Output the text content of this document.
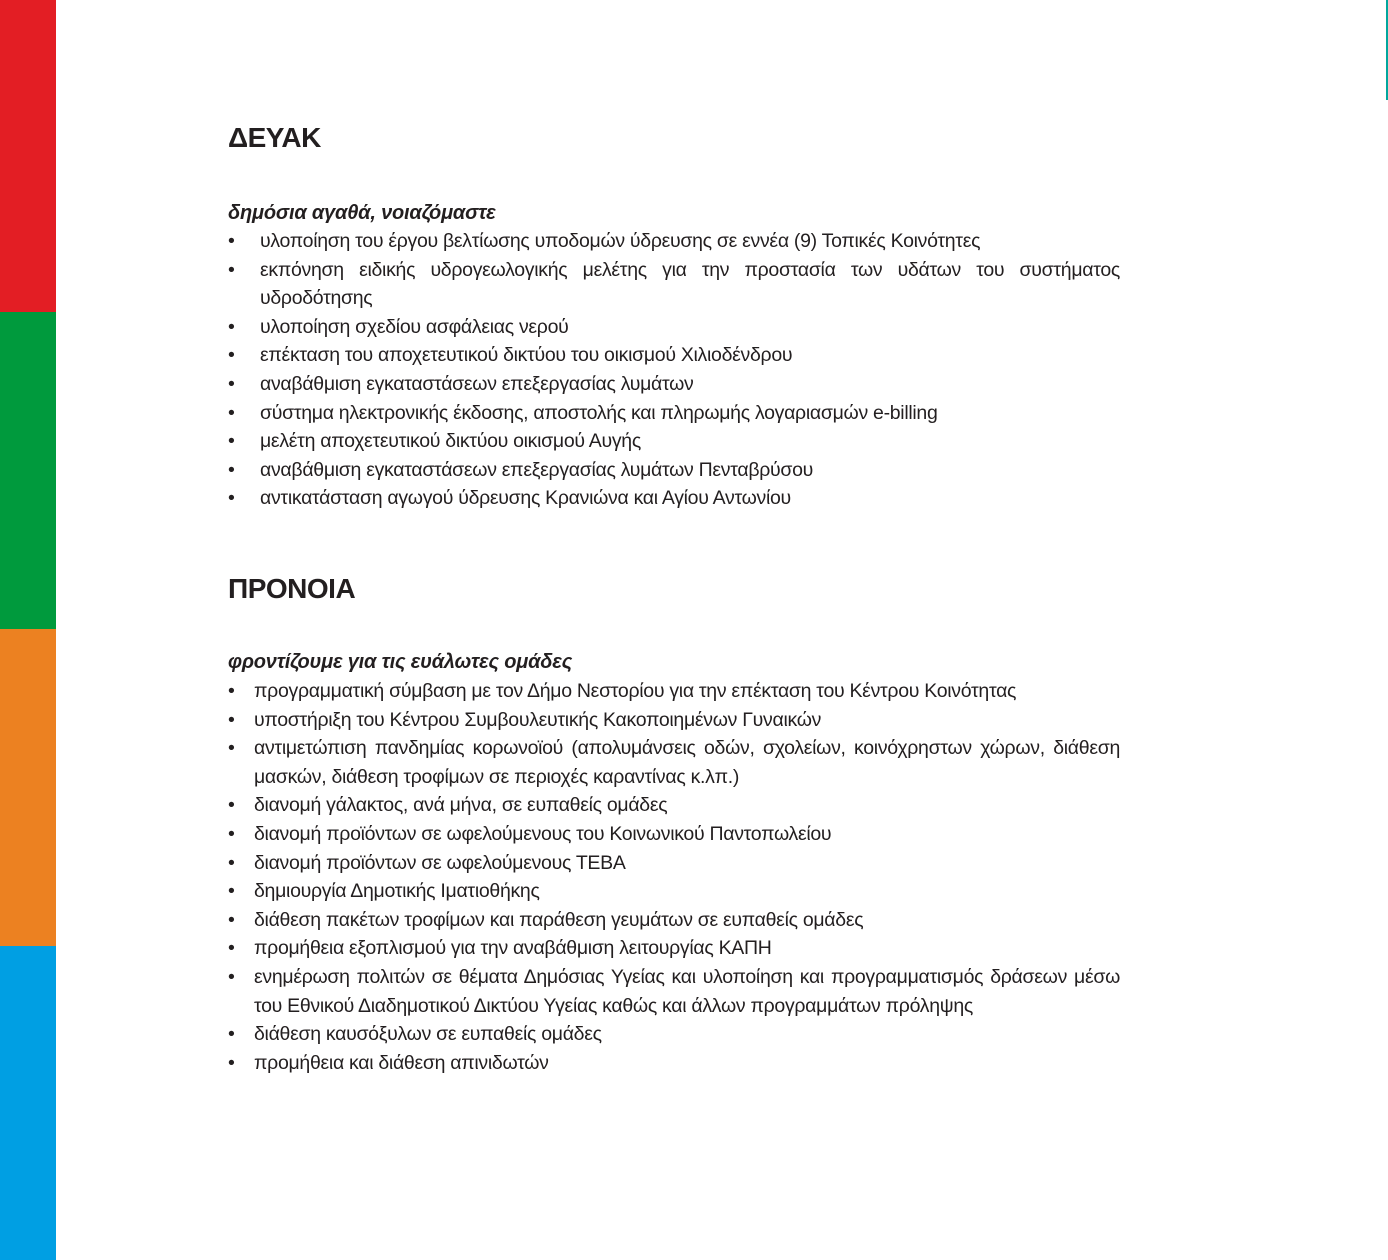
ΔΕΥΑΚ
δημόσια αγαθά, νοιαζόμαστε
• υλοποίηση του έργου βελτίωσης υποδομών ύδρευσης σε εννέα (9) Τοπικές Κοινότητες
• εκπόνηση ειδικής υδρογεωλογικής μελέτης για την προστασία των υδάτων του συστήματος υδροδότησης
• υλοποίηση σχεδίου ασφάλειας νερού
• επέκταση του αποχετευτικού δικτύου του οικισμού Χιλιοδένδρου
• αναβάθμιση εγκαταστάσεων επεξεργασίας λυμάτων
• σύστημα ηλεκτρονικής έκδοσης, αποστολής και πληρωμής λογαριασμών e-billing
• μελέτη αποχετευτικού δικτύου οικισμού Αυγής
• αναβάθμιση εγκαταστάσεων επεξεργασίας λυμάτων Πενταβρύσου
• αντικατάσταση αγωγού ύδρευσης Κρανιώνα και Αγίου Αντωνίου
ΠΡΟΝΟΙΑ
φροντίζουμε για τις ευάλωτες ομάδες
• προγραμματική σύμβαση με τον Δήμο Νεστορίου για την επέκταση του Κέντρου Κοινότητας
• υποστήριξη του Κέντρου Συμβουλευτικής Κακοποιημένων Γυναικών
• αντιμετώπιση πανδημίας κορωνοϊού (απολυμάνσεις οδών, σχολείων, κοινόχρηστων χώρων, διάθεση μασκών, διάθεση τροφίμων σε περιοχές καραντίνας κ.λπ.)
• διανομή γάλακτος, ανά μήνα, σε ευπαθείς ομάδες
• διανομή προϊόντων σε ωφελούμενους του Κοινωνικού Παντοπωλείου
• διανομή προϊόντων σε ωφελούμενους ΤΕΒΑ
• δημιουργία Δημοτικής Ιματιοθήκης
• διάθεση πακέτων τροφίμων και παράθεση γευμάτων σε ευπαθείς ομάδες
• προμήθεια εξοπλισμού για την αναβάθμιση λειτουργίας ΚΑΠΗ
• ενημέρωση πολιτών σε θέματα Δημόσιας Υγείας και υλοποίηση και προγραμματισμός δράσεων μέσω του Εθνικού Διαδημοτικού Δικτύου Υγείας καθώς και άλλων προγραμμάτων πρόληψης
• διάθεση καυσόξυλων σε ευπαθείς ομάδες
• προμήθεια και διάθεση απινιδωτών
